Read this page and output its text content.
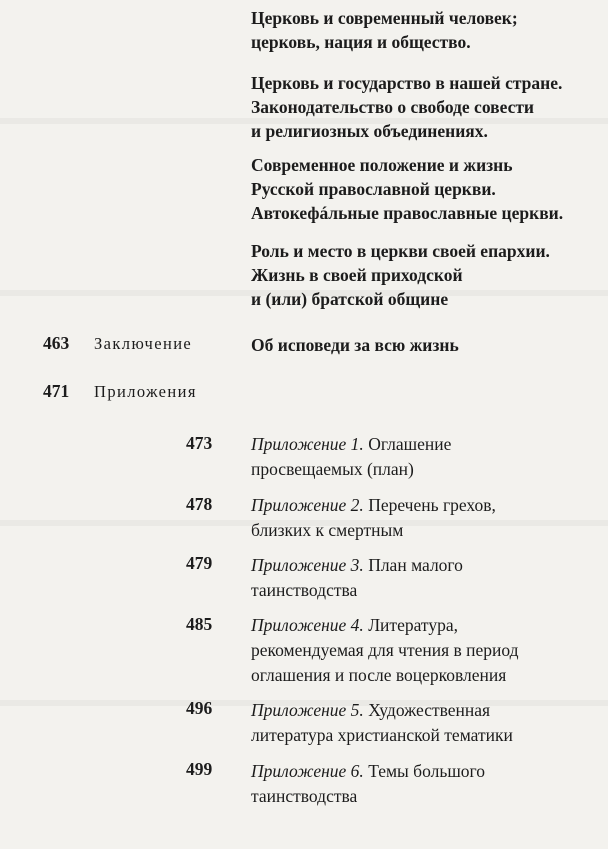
Церковь и современный человек;
церковь, нация и общество.
Церковь и государство в нашей стране.
Законодательство о свободе совести
и религиозных объединениях.
Современное положение и жизнь
Русской православной церкви.
Автокефáльные православные церкви.
Роль и место в церкви своей епархии.
Жизнь в своей приходской
и (или) братской общине
463 Заключение	Об исповеди за всю жизнь
471 Приложения
473 Приложение 1. Оглашение
просвещаемых (план)
478 Приложение 2. Перечень грехов,
близких к смертным
479 Приложение 3. План малого
таинстводства
485 Приложение 4. Литература,
рекомендуемая для чтения в период
оглашения и после воцерковления
496 Приложение 5. Художественная
литература христианской тематики
499 Приложение 6. Темы большого
таинстводства
